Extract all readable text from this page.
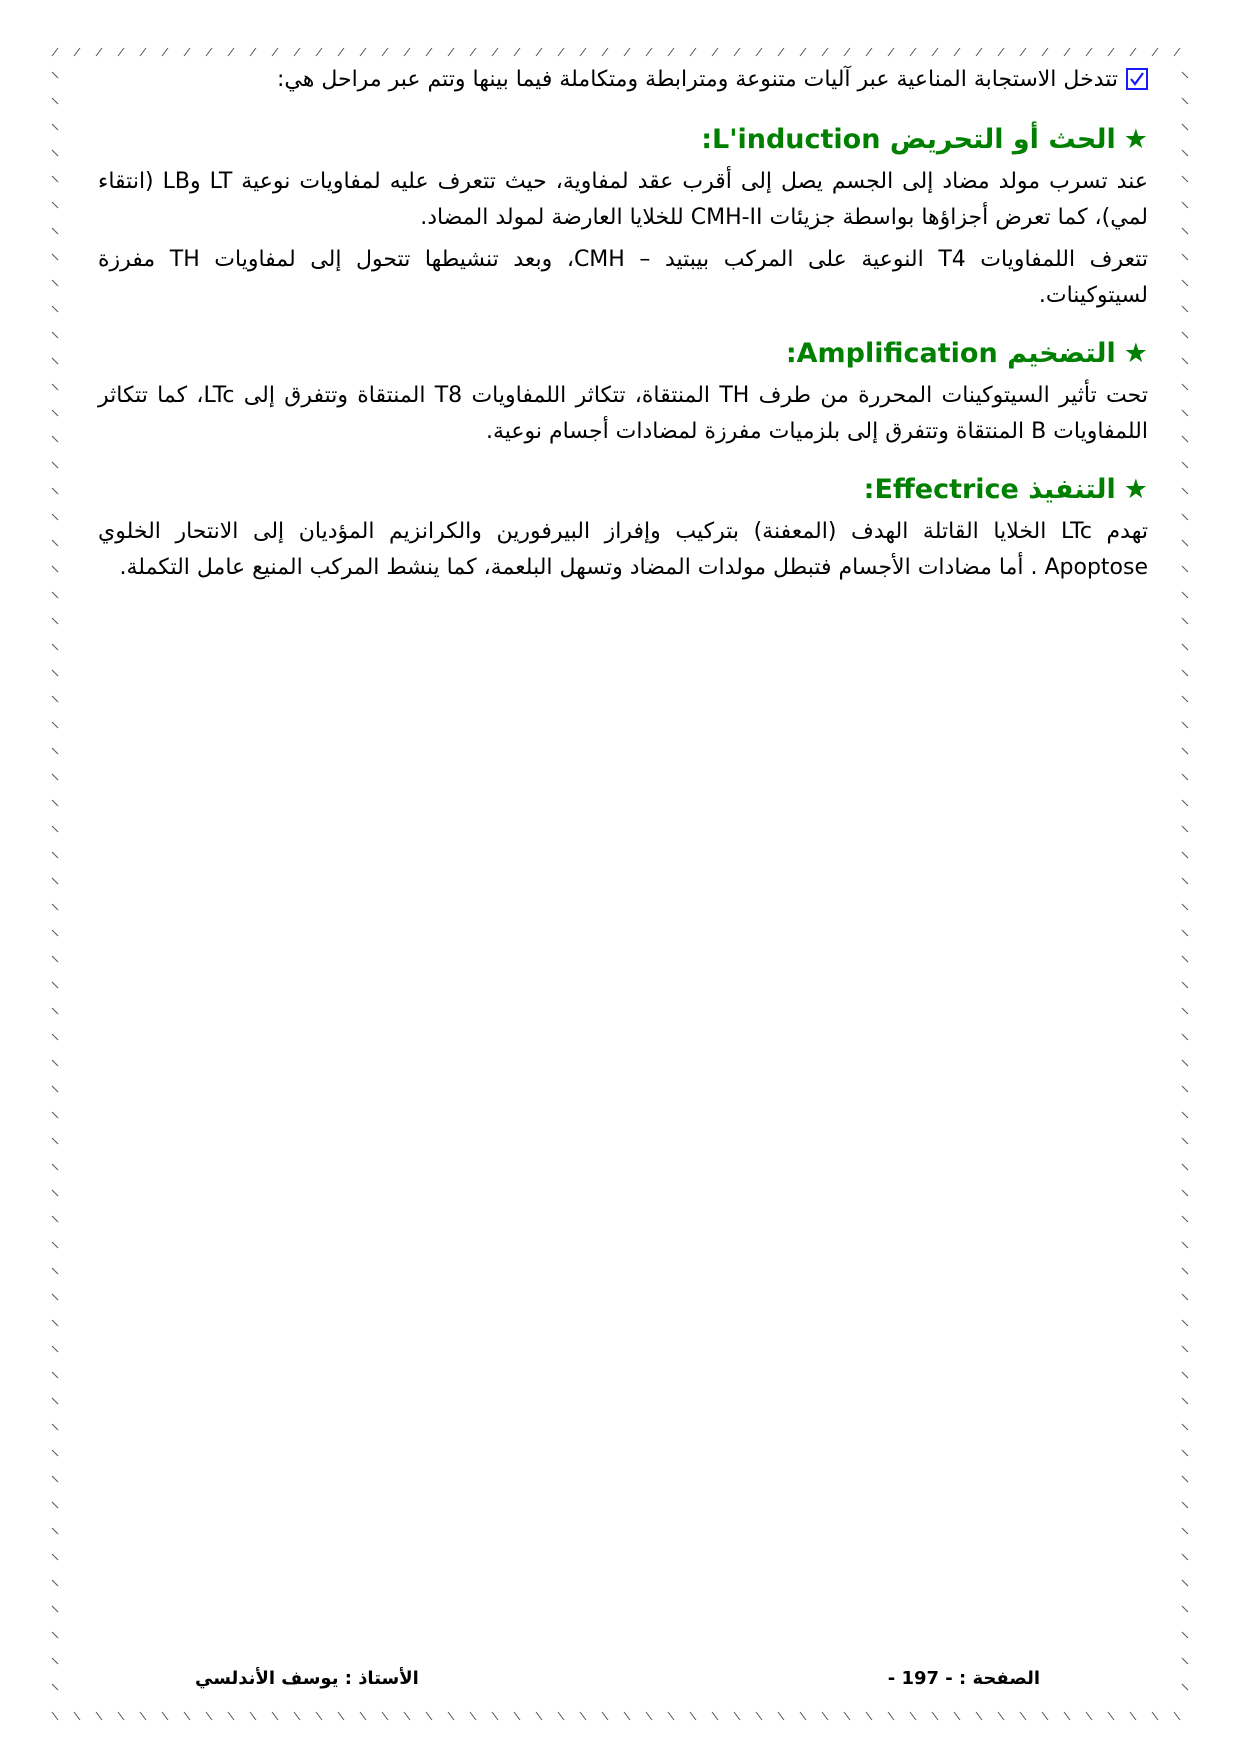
تتدخل الاستجابة المناعية عبر آليات متنوعة ومترابطة ومتكاملة فيما بينها وتتم عبر مراحل هي:
★الحث أو التحريض L'induction:

عند تسرب مولد مضاد إلى الجسم يصل إلى أقرب عقد لمفاوية، حيث تتعرف عليه لمفاويات نوعية LT وLB (انتقاء لمي)، كما تعرض أجزاؤها بواسطة جزيئات CMH-II للخلايا العارضة لمولد المضاد.

تتعرف اللمفاويات T4 النوعية على المركب بيبتيد – CMH، وبعد تنشيطها تتحول إلى لمفاويات TH مفرزة لسيتوكينات.

★التضخيم Amplification:

تحت تأثير السيتوكينات المحررة من طرف TH المنتقاة، تتكاثر اللمفاويات T8 المنتقاة وتتفرق إلى LTc، كما تتكاثر اللمفاويات B المنتقاة وتتفرق إلى بلزميات مفرزة لمضادات أجسام نوعية.

★التنفيذ Effectrice:

تهدم LTc الخلايا القاتلة الهدف (المعفنة) بتركيب وإفراز البيرفورين والكرانزيم المؤديان إلى الانتحار الخلوي Apoptose . أما مضادات الأجسام فتبطل مولدات المضاد وتسهل البلعمة، كما ينشط المركب المنيع عامل التكملة.

الصفحة : - 197 -
الأستاذ : يوسف الأندلسي
